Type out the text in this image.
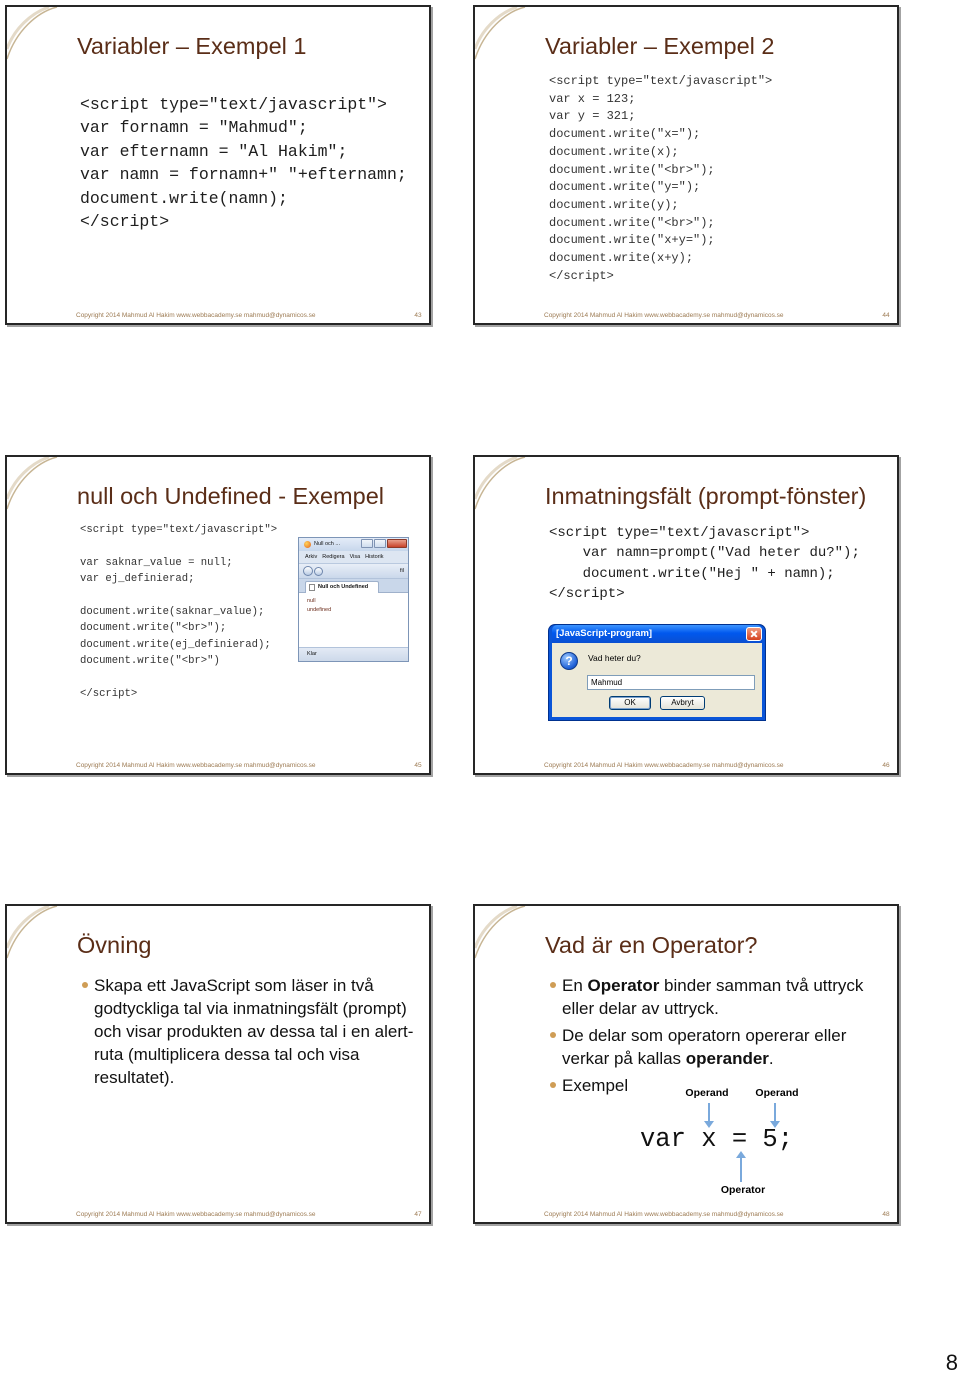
Variabler – Exempel 1
<script type="text/javascript">
var fornamn = "Mahmud";
var efternamn = "Al Hakim";
var namn = fornamn+" "+efternamn;
document.write(namn);
</script>
Copyright 2014 Mahmud Al Hakim www.webbacademy.se mahmud@dynamicos.se	43
Variabler – Exempel 2
<script type="text/javascript">
var x = 123;
var y = 321;
document.write("x=");
document.write(x);
document.write("<br>");
document.write("y=");
document.write(y);
document.write("<br>");
document.write("x+y=");
document.write(x+y);
</script>
Copyright 2014 Mahmud Al Hakim www.webbacademy.se mahmud@dynamicos.se	44
null och Undefined - Exempel
<script type="text/javascript">

var saknar_value = null;
var ej_definierad;

document.write(saknar_value);
document.write("<br>");
document.write(ej_definierad);
document.write("<br>")

</script>
Null och ...
Arkiv Redigera Visa Historik
fil
Null och Undefined
null
undefined
Klar
Copyright 2014 Mahmud Al Hakim www.webbacademy.se mahmud@dynamicos.se	45
Inmatningsfält (prompt-fönster)
<script type="text/javascript">
var namn=prompt("Vad heter du?");
document.write("Hej " + namn);
</script>
[JavaScript-program]
?
Vad heter du?
Mahmud
OK	Avbryt
Copyright 2014 Mahmud Al Hakim www.webbacademy.se mahmud@dynamicos.se	46
Övning
Skapa ett JavaScript som läser in två godtyckliga tal via inmatningsfält (prompt) och visar produkten av dessa tal i en alert-ruta (multiplicera dessa tal och visa resultatet).
Copyright 2014 Mahmud Al Hakim www.webbacademy.se mahmud@dynamicos.se	47
Vad är en Operator?
En Operator binder samman två uttryck eller delar av uttryck.
De delar som operatorn opererar eller verkar på kallas operander.
Exempel	Operand	Operand
var x = 5;
Operator
Copyright 2014 Mahmud Al Hakim www.webbacademy.se mahmud@dynamicos.se	48
8
